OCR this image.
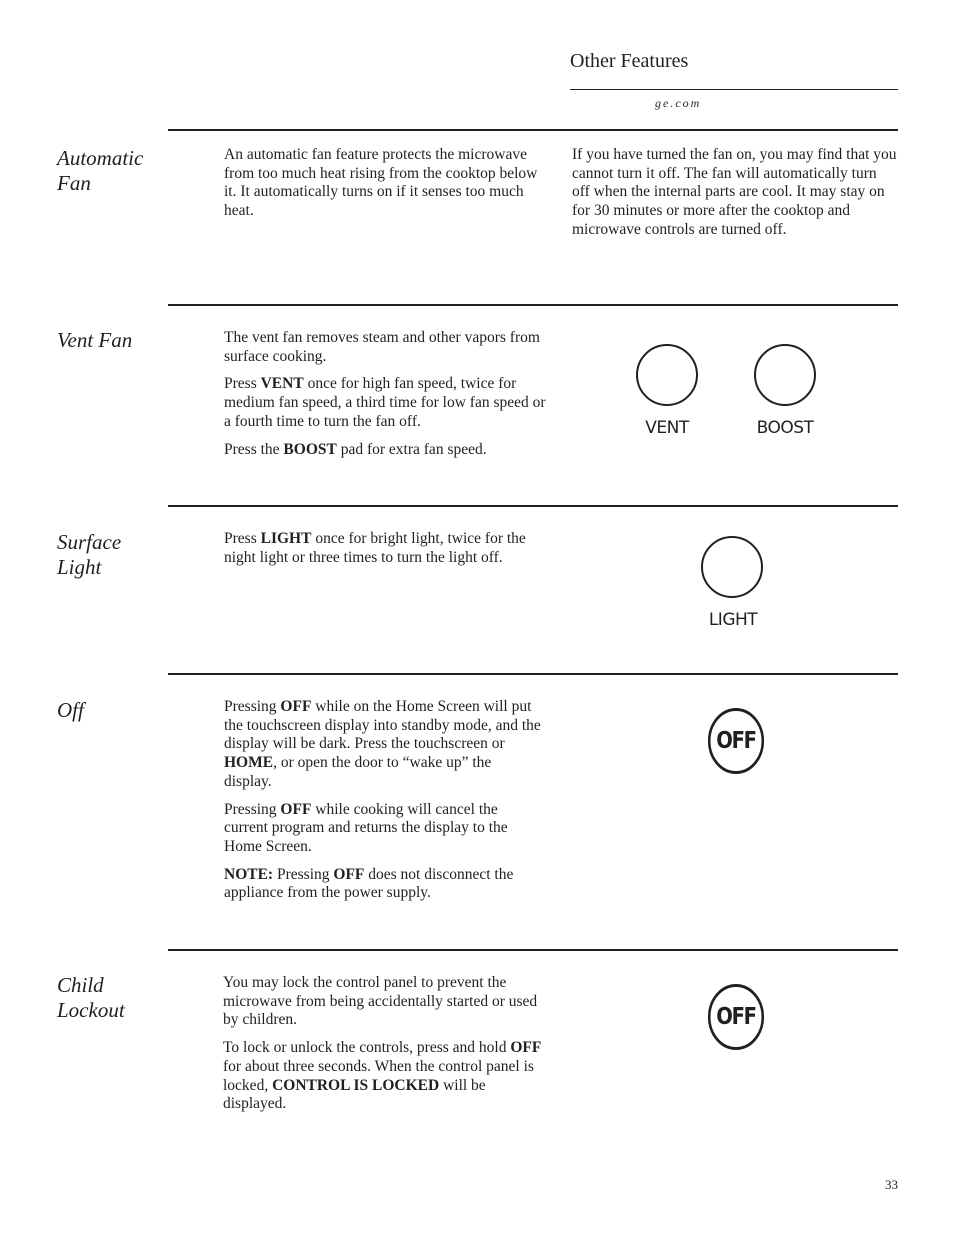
Other Features
ge.com
Automatic
Fan

An automatic fan feature protects the microwave from too much heat rising from the cooktop below it. It automatically turns on if it senses too much heat.

If you have turned the fan on, you may find that you cannot turn it off. The fan will automatically turn off when the internal parts are cool. It may stay on for 30 minutes or more after the cooktop and microwave controls are turned off.

Vent Fan	The vent fan removes steam and other vapors from surface cooking.

Press VENT once for high fan speed, twice for medium fan speed, a third time for low fan speed or a fourth time to turn the fan off.

Press the BOOST pad for extra fan speed.

VENT	BOOST
Surface
Light

Press LIGHT once for bright light, twice for the night light or three times to turn the light off.

LIGHT
Off	Pressing OFF while on the Home Screen will put the touchscreen display into standby mode, and the display will be dark. Press the touchscreen or HOME, or open the door to “wake up” the display.

Pressing OFF while cooking will cancel the current program and returns the display to the Home Screen.

NOTE: Pressing OFF does not disconnect the appliance from the power supply.

OFF
Child
Lockout

You may lock the control panel to prevent the microwave from being accidentally started or used by children.

To lock or unlock the controls, press and hold OFF for about three seconds. When the control panel is locked, CONTROL IS LOCKED will be displayed.

OFF
33
